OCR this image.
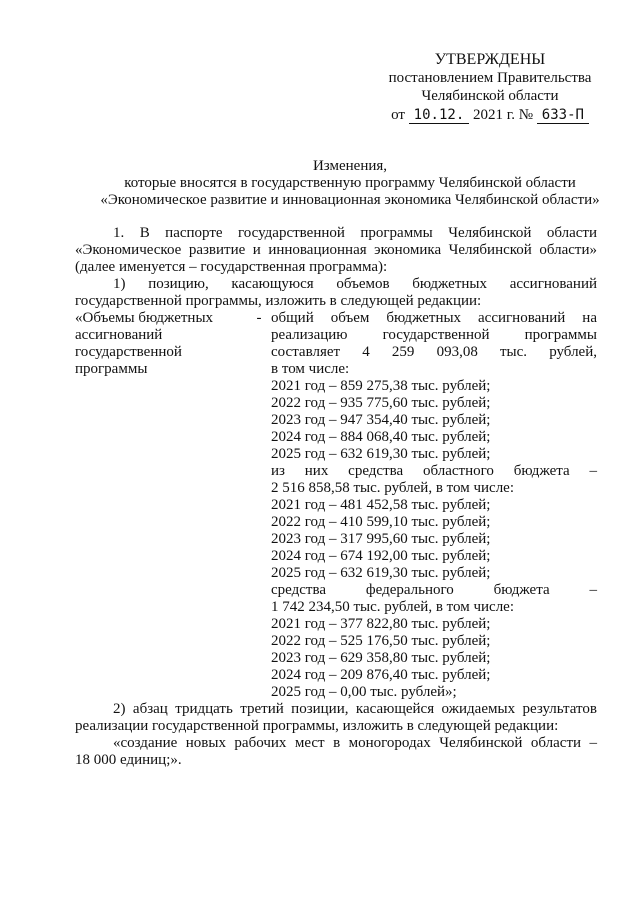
УТВЕРЖДЕНЫ
постановлением Правительства
Челябинской области
от 10.12. 2021 г. № 633-П
Изменения,
которые вносятся в государственную программу Челябинской области
«Экономическое развитие и инновационная экономика Челябинской области»
1. В паспорте государственной программы Челябинской области
«Экономическое развитие и инновационная экономика Челябинской области»
(далее именуется – государственная программа):
1) позицию, касающуюся объемов бюджетных ассигнований
государственной программы, изложить в следующей редакции:
«Объемы бюджетных
ассигнований
государственной
программы
- общий объем бюджетных ассигнований на
реализацию государственной программы
составляет 4 259 093,08 тыс. рублей,
в том числе:
2021 год – 859 275,38 тыс. рублей;
2022 год – 935 775,60 тыс. рублей;
2023 год – 947 354,40 тыс. рублей;
2024 год – 884 068,40 тыс. рублей;
2025 год – 632 619,30 тыс. рублей;
из них средства областного бюджета –
2 516 858,58 тыс. рублей, в том числе:
2021 год – 481 452,58 тыс. рублей;
2022 год – 410 599,10 тыс. рублей;
2023 год – 317 995,60 тыс. рублей;
2024 год – 674 192,00 тыс. рублей;
2025 год – 632 619,30 тыс. рублей;
средства федерального бюджета –
1 742 234,50 тыс. рублей, в том числе:
2021 год – 377 822,80 тыс. рублей;
2022 год – 525 176,50 тыс. рублей;
2023 год – 629 358,80 тыс. рублей;
2024 год – 209 876,40 тыс. рублей;
2025 год – 0,00 тыс. рублей»;
2) абзац тридцать третий позиции, касающейся ожидаемых результатов
реализации государственной программы, изложить в следующей редакции:
«создание новых рабочих мест в моногородах Челябинской области –
18 000 единиц;».
